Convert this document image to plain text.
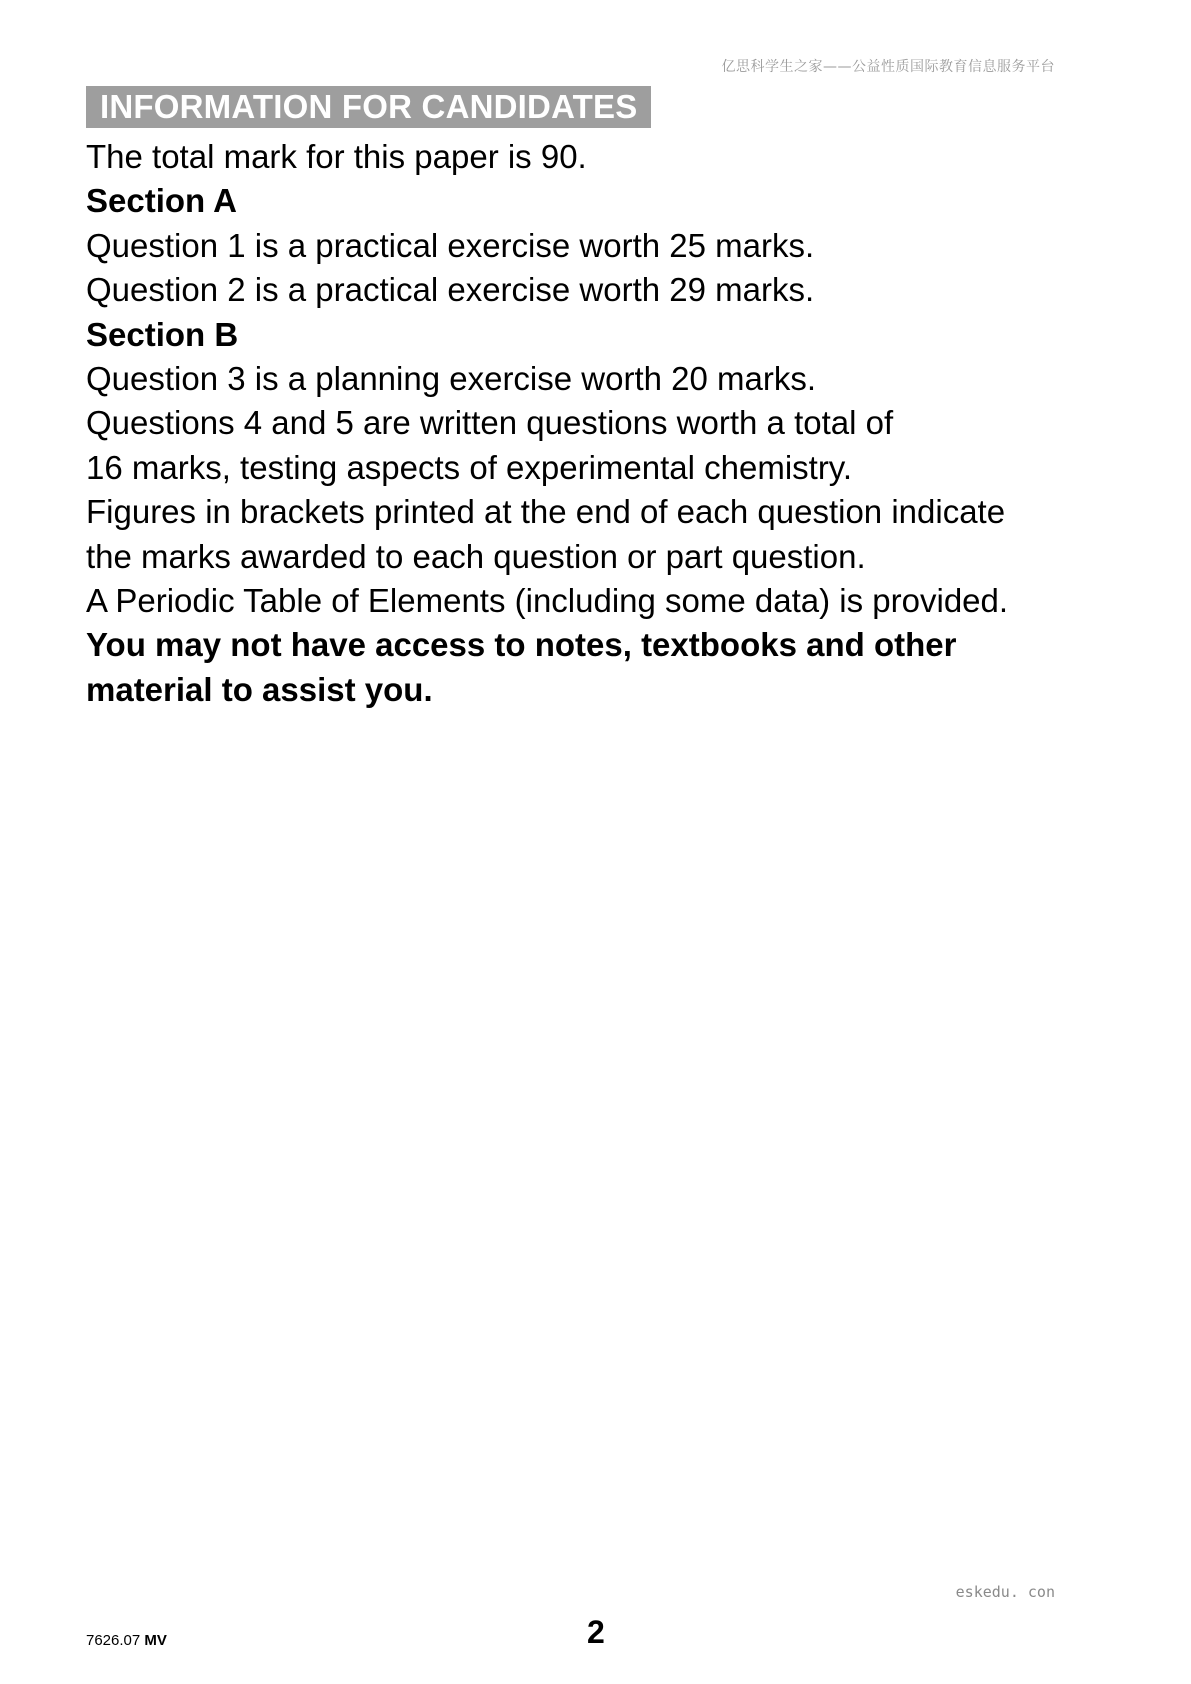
亿思科学生之家——公益性质国际教育信息服务平台
INFORMATION FOR CANDIDATES

The total mark for this paper is 90.

Section A

Question 1 is a practical exercise worth 25 marks.

Question 2 is a practical exercise worth 29 marks.

Section B

Question 3 is a planning exercise worth 20 marks.

Questions 4 and 5 are written questions worth a total of

16 marks, testing aspects of experimental chemistry.

Figures in brackets printed at the end of each question indicate

the marks awarded to each question or part question.

A Periodic Table of Elements (including some data) is provided.

You may not have access to notes, textbooks and other

material to assist you.

eskedu. con
7626.07 MV	2
